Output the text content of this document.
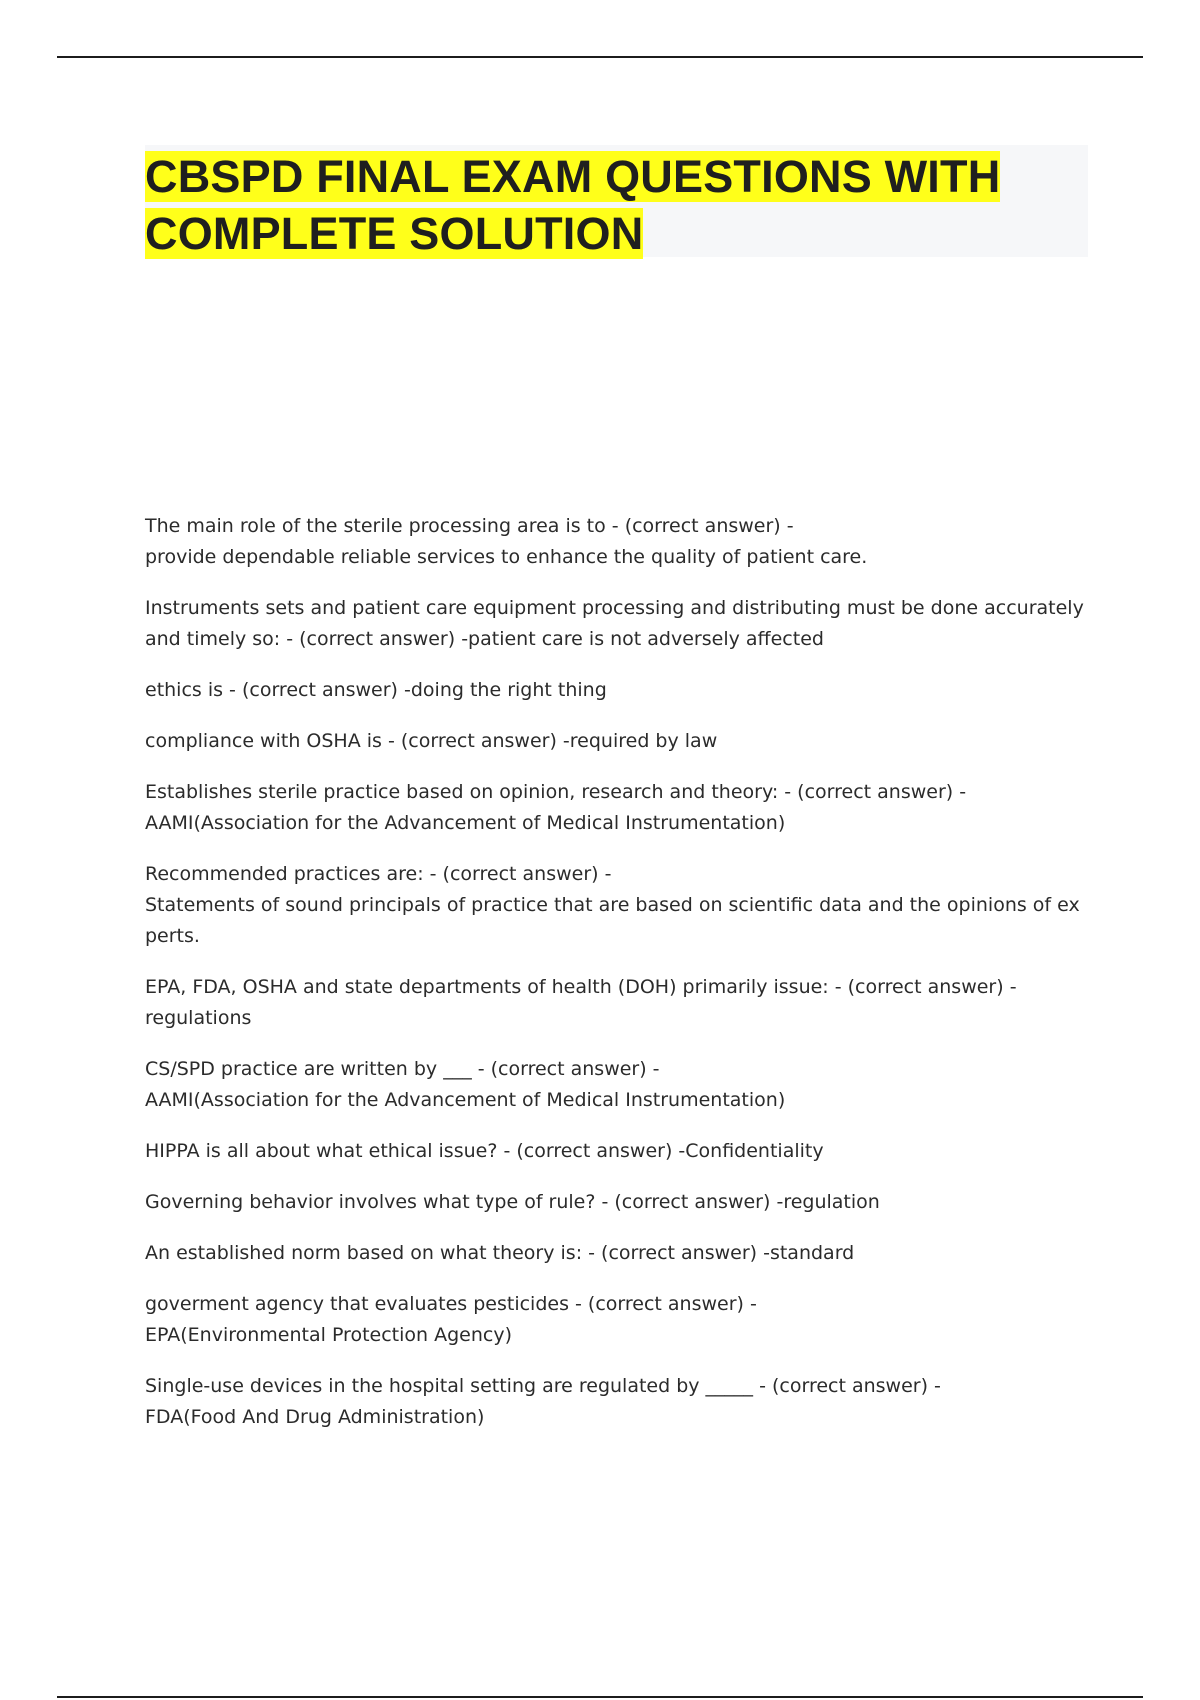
CBSPD FINAL EXAM QUESTIONS WITH
COMPLETE SOLUTION
The main role of the sterile processing area is to - (correct answer) -
provide dependable reliable services to enhance the quality of patient care.
Instruments sets and patient care equipment processing and distributing must be done accurately and timely so: - (correct answer) -patient care is not adversely affected
ethics is - (correct answer) -doing the right thing
compliance with OSHA is - (correct answer) -required by law
Establishes sterile practice based on opinion, research and theory: - (correct answer) -
AAMI(Association for the Advancement of Medical Instrumentation)
Recommended practices are: - (correct answer) -
Statements of sound principals of practice that are based on scientific data and the opinions of experts.
EPA, FDA, OSHA and state departments of health (DOH) primarily issue: - (correct answer) -
regulations
CS/SPD practice are written by ___ - (correct answer) -
AAMI(Association for the Advancement of Medical Instrumentation)
HIPPA is all about what ethical issue? - (correct answer) -Confidentiality
Governing behavior involves what type of rule? - (correct answer) -regulation
An established norm based on what theory is: - (correct answer) -standard
goverment agency that evaluates pesticides - (correct answer) -
EPA(Environmental Protection Agency)
Single-use devices in the hospital setting are regulated by _____ - (correct answer) -
FDA(Food And Drug Administration)
